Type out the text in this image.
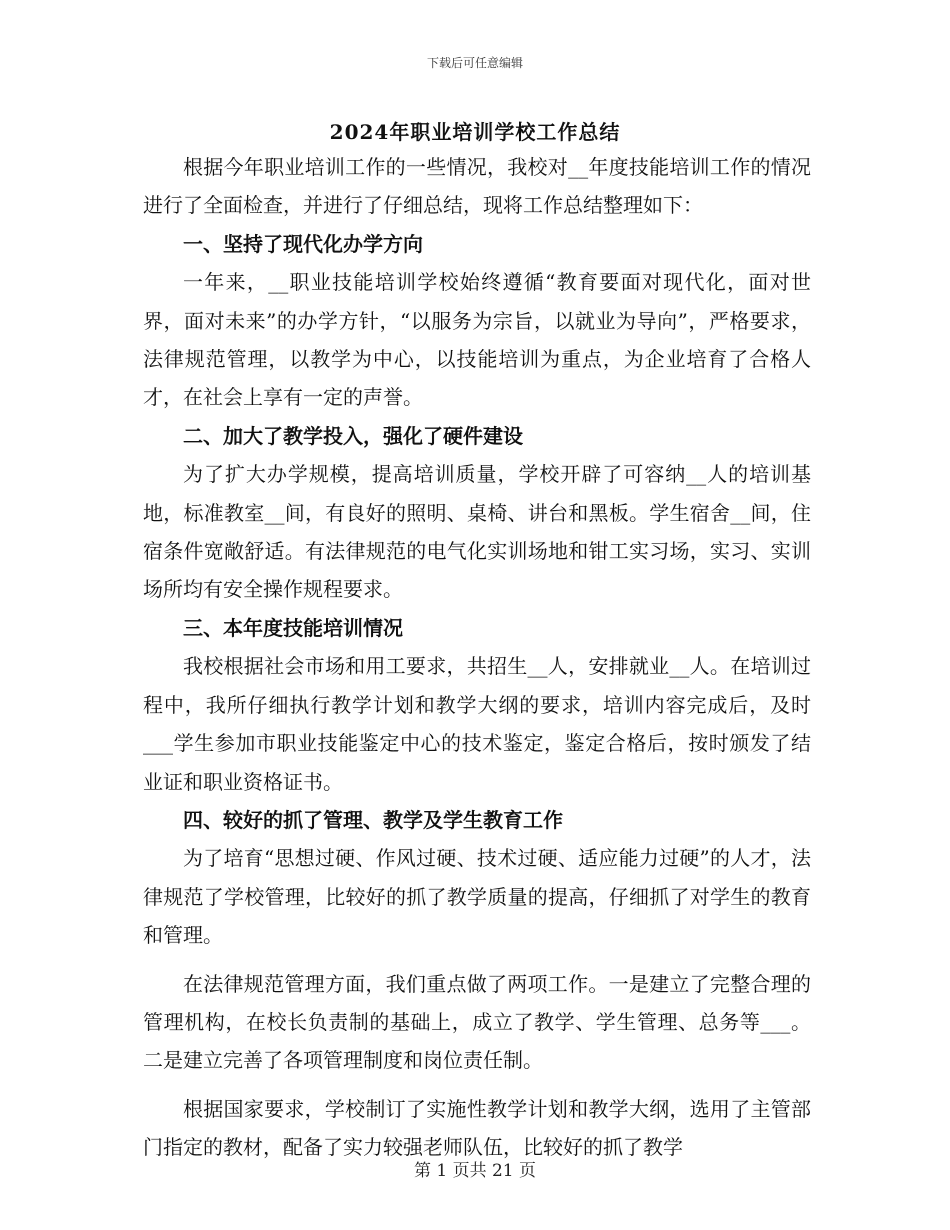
下载后可任意编辑
2024年职业培训学校工作总结

根据今年职业培训工作的一些情况，我校对__年度技能培训工作的情况进行了全面检查，并进行了仔细总结，现将工作总结整理如下：

一、坚持了现代化办学方向

一年来，__职业技能培训学校始终遵循“教育要面对现代化，面对世界，面对未来”的办学方针，“以服务为宗旨，以就业为导向”，严格要求，法律规范管理，以教学为中心，以技能培训为重点，为企业培育了合格人才，在社会上享有一定的声誉。

二、加大了教学投入，强化了硬件建设

为了扩大办学规模，提高培训质量，学校开辟了可容纳__人的培训基地，标准教室__间，有良好的照明、桌椅、讲台和黑板。学生宿舍__间，住宿条件宽敞舒适。有法律规范的电气化实训场地和钳工实习场，实习、实训场所均有安全操作规程要求。

三、本年度技能培训情况

我校根据社会市场和用工要求，共招生__人，安排就业__人。在培训过程中，我所仔细执行教学计划和教学大纲的要求，培训内容完成后，及时___学生参加市职业技能鉴定中心的技术鉴定，鉴定合格后，按时颁发了结业证和职业资格证书。

四、较好的抓了管理、教学及学生教育工作

为了培育“思想过硬、作风过硬、技术过硬、适应能力过硬”的人才，法律规范了学校管理，比较好的抓了教学质量的提高，仔细抓了对学生的教育和管理。

在法律规范管理方面，我们重点做了两项工作。一是建立了完整合理的管理机构，在校长负责制的基础上，成立了教学、学生管理、总务等___。二是建立完善了各项管理制度和岗位责任制。

根据国家要求，学校制订了实施性教学计划和教学大纲，选用了主管部门指定的教材，配备了实力较强老师队伍，比较好的抓了教学

第 1 页共 21 页
